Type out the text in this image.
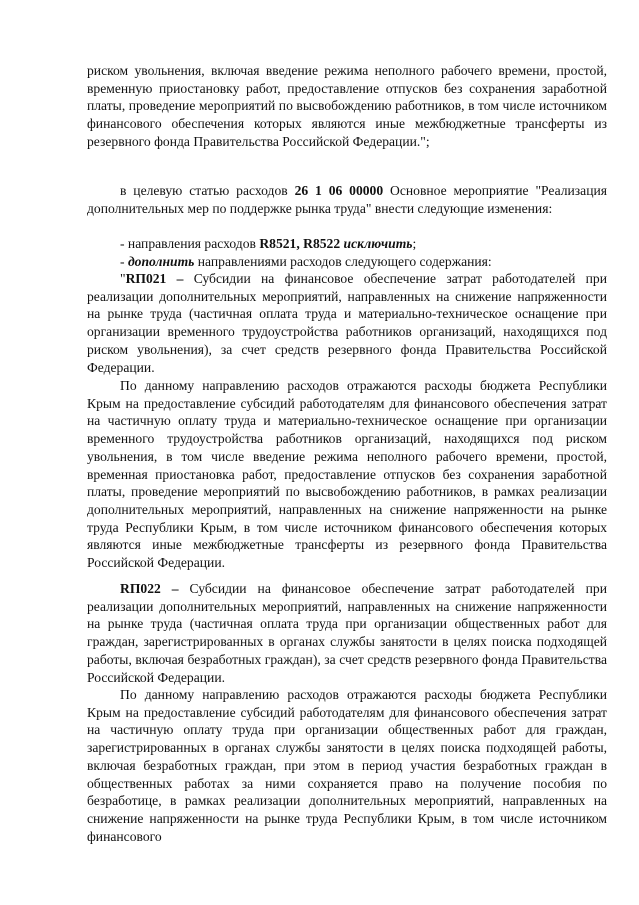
риском увольнения, включая введение режима неполного рабочего времени, простой, временную приостановку работ, предоставление отпусков без сохранения заработной платы, проведение мероприятий по высвобождению работников, в том числе источником финансового обеспечения которых являются иные межбюджетные трансферты из резервного фонда Правительства Российской Федерации.";

в целевую статью расходов 26 1 06 00000 Основное мероприятие "Реализация дополнительных мер по поддержке рынка труда" внести следующие изменения:

- направления расходов R8521, R8522 исключить;

- дополнить направлениями расходов следующего содержания:

"RП021 – Субсидии на финансовое обеспечение затрат работодателей при реализации дополнительных мероприятий, направленных на снижение напряженности на рынке труда (частичная оплата труда и материально-техническое оснащение при организации временного трудоустройства работников организаций, находящихся под риском увольнения), за счет средств резервного фонда Правительства Российской Федерации.

По данному направлению расходов отражаются расходы бюджета Республики Крым на предоставление субсидий работодателям для финансового обеспечения затрат на частичную оплату труда и материально-техническое оснащение при организации временного трудоустройства работников организаций, находящихся под риском увольнения, в том числе введение режима неполного рабочего времени, простой, временная приостановка работ, предоставление отпусков без сохранения заработной платы, проведение мероприятий по высвобождению работников, в рамках реализации дополнительных мероприятий, направленных на снижение напряженности на рынке труда Республики Крым, в том числе источником финансового обеспечения которых являются иные межбюджетные трансферты из резервного фонда Правительства Российской Федерации.

RП022 – Субсидии на финансовое обеспечение затрат работодателей при реализации дополнительных мероприятий, направленных на снижение напряженности на рынке труда (частичная оплата труда при организации общественных работ для граждан, зарегистрированных в органах службы занятости в целях поиска подходящей работы, включая безработных граждан), за счет средств резервного фонда Правительства Российской Федерации.

По данному направлению расходов отражаются расходы бюджета Республики Крым на предоставление субсидий работодателям для финансового обеспечения затрат на частичную оплату труда при организации общественных работ для граждан, зарегистрированных в органах службы занятости в целях поиска подходящей работы, включая безработных граждан, при этом в период участия безработных граждан в общественных работах за ними сохраняется право на получение пособия по безработице, в рамках реализации дополнительных мероприятий, направленных на снижение напряженности на рынке труда Республики Крым, в том числе источником финансового
